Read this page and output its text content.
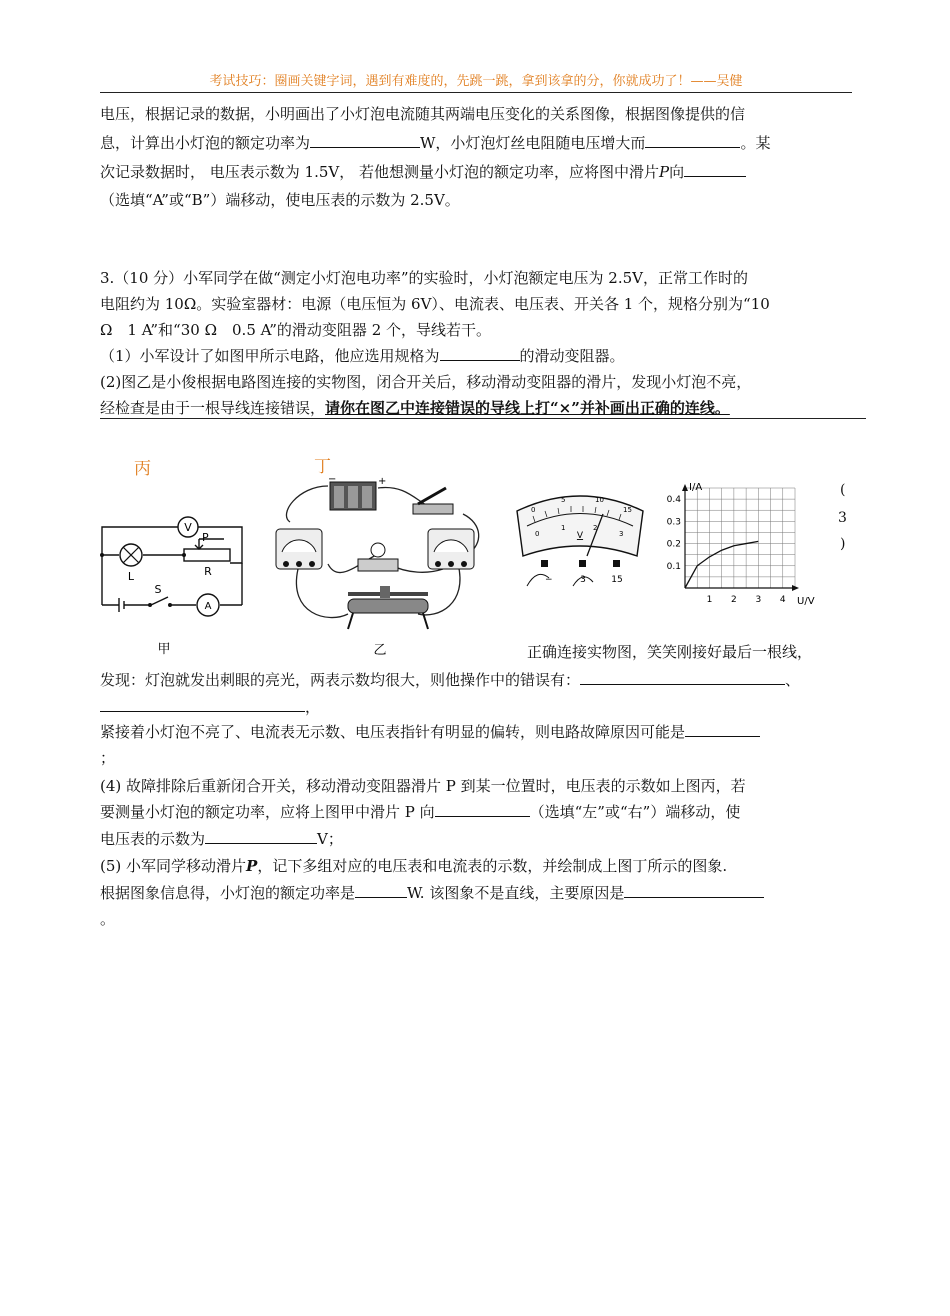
考试技巧：圈画关键字词，遇到有难度的，先跳一跳，拿到该拿的分，你就成功了！——吴健
电压，根据记录的数据，小明画出了小灯泡电流随其两端电压变化的关系图像，根据图像提供的信
息，计算出小灯泡的额定功率为	W，小灯泡灯丝电阻随电压增大而	。某
次记录数据时， 电压表示数为 1.5V， 若他想测量小灯泡的额定功率，应将图中滑片P向
（选填“A”或“B”）端移动，使电压表的示数为 2.5V。
3.（10 分）小军同学在做“测定小灯泡电功率”的实验时，小灯泡额定电压为 2.5V，正常工作时的
电阻约为 10Ω。实验室器材：电源（电压恒为 6V）、电流表、电压表、开关各 1 个，规格分别为“10
Ω　1 A”和“30 Ω　0.5 A”的滑动变阻器 2 个，导线若干。
（1）小军设计了如图甲所示电路，他应选用规格为	的滑动变阻器。
(2)图乙是小俊根据电路图连接的实物图，闭合开关后，移动滑动变阻器的滑片，发现小灯泡不亮，
经检查是由于一根导线连接错误，请你在图乙中连接错误的导线上打“×”并补画出正确的连线。
丙	丁
(
3
)
V
L
P
R
S
A
甲
−	+
乙
0
5	10
15
0
1	2
3
V
−	3	15
I/A
U/V
1 2 3 4
0.1
0.2
0.3
0.4
正确连接实物图，笑笑刚接好最后一根线，
发现：灯泡就发出刺眼的亮光，两表示数均很大，则他操作中的错误有：	、
，
紧接着小灯泡不亮了、电流表无示数、电压表指针有明显的偏转，则电路故障原因可能是
；
(4) 故障排除后重新闭合开关，移动滑动变阻器滑片 P 到某一位置时，电压表的示数如上图丙，若
要测量小灯泡的额定功率，应将上图甲中滑片 P 向	（选填“左”或“右”）端移动，使
电压表的示数为	V；
(5) 小军同学移动滑片P，记下多组对应的电压表和电流表的示数，并绘制成上图丁所示的图象.
根据图象信息得，小灯泡的额定功率是	W. 该图象不是直线，主要原因是
。
